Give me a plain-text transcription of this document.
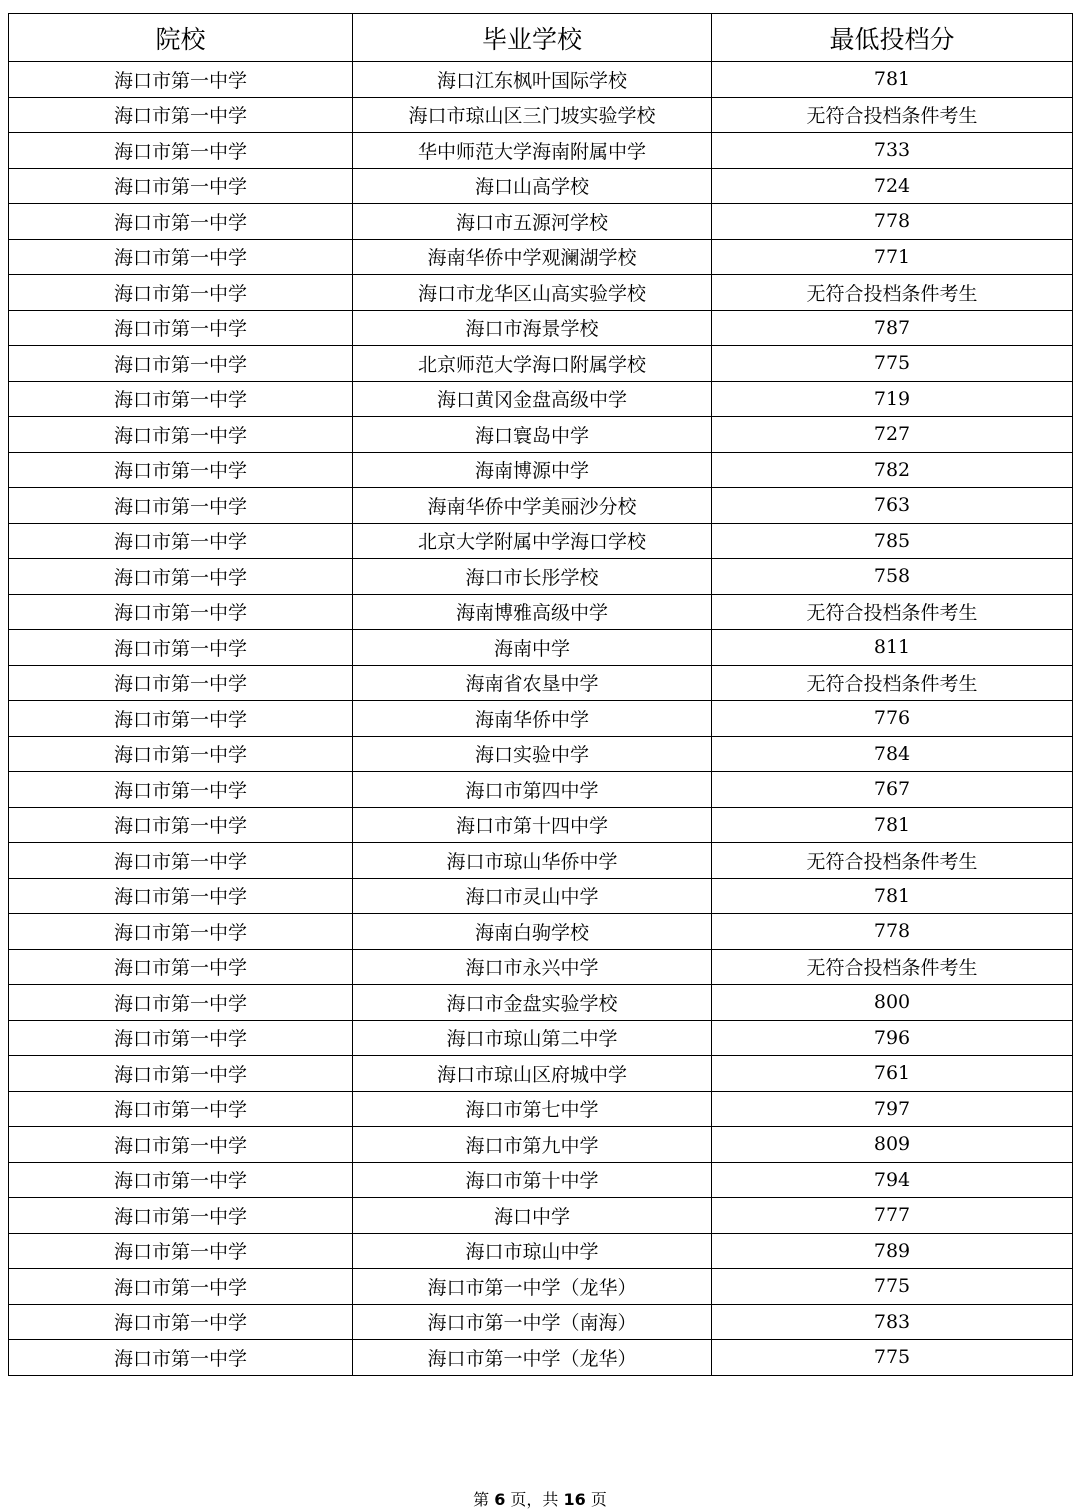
院校	毕业学校	最低投档分
海口市第一中学	海口江东枫叶国际学校	781
海口市第一中学	海口市琼山区三门坡实验学校	无符合投档条件考生
海口市第一中学	华中师范大学海南附属中学	733
海口市第一中学	海口山高学校	724
海口市第一中学	海口市五源河学校	778
海口市第一中学	海南华侨中学观澜湖学校	771
海口市第一中学	海口市龙华区山高实验学校	无符合投档条件考生
海口市第一中学	海口市海景学校	787
海口市第一中学	北京师范大学海口附属学校	775
海口市第一中学	海口黄冈金盘高级中学	719
海口市第一中学	海口寰岛中学	727
海口市第一中学	海南博源中学	782
海口市第一中学	海南华侨中学美丽沙分校	763
海口市第一中学	北京大学附属中学海口学校	785
海口市第一中学	海口市长彤学校	758
海口市第一中学	海南博雅高级中学	无符合投档条件考生
海口市第一中学	海南中学	811
海口市第一中学	海南省农垦中学	无符合投档条件考生
海口市第一中学	海南华侨中学	776
海口市第一中学	海口实验中学	784
海口市第一中学	海口市第四中学	767
海口市第一中学	海口市第十四中学	781
海口市第一中学	海口市琼山华侨中学	无符合投档条件考生
海口市第一中学	海口市灵山中学	781
海口市第一中学	海南白驹学校	778
海口市第一中学	海口市永兴中学	无符合投档条件考生
海口市第一中学	海口市金盘实验学校	800
海口市第一中学	海口市琼山第二中学	796
海口市第一中学	海口市琼山区府城中学	761
海口市第一中学	海口市第七中学	797
海口市第一中学	海口市第九中学	809
海口市第一中学	海口市第十中学	794
海口市第一中学	海口中学	777
海口市第一中学	海口市琼山中学	789
海口市第一中学	海口市第一中学（龙华）	775
海口市第一中学	海口市第一中学（南海）	783
海口市第一中学	海口市第一中学（龙华）	775
第 6 页，共 16 页
